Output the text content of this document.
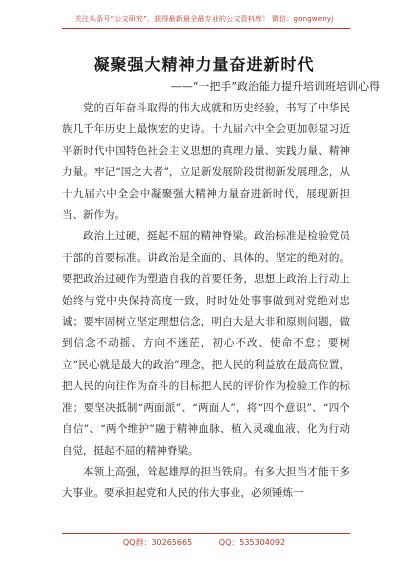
关注头条号“公文研究”，获得最新最全最专业的公文资料库！ 微信：gongwenyj
凝聚强大精神力量奋进新时代
——“一把手”政治能力提升培训班培训心得

党的百年奋斗取得的伟大成就和历史经验，书写了中华民族几千年历史上最恢宏的史诗。十九届六中全会更加彰显习近平新时代中国特色社会主义思想的真理力量、实践力量、精神力量。牢记“国之大者”，立足新发展阶段贯彻新发展理念，从十九届六中全会中凝聚强大精神力量奋进新时代，展现新担当、新作为。

政治上过硬，挺起不屈的精神脊梁。政治标准是检验党员干部的首要标准。讲政治是全面的、具体的、坚定的绝对的。要把政治过硬作为塑造自我的首要任务，思想上政治上行动上始终与党中央保持高度一致，时时处处事事做到对党绝对忠诚；要牢固树立坚定理想信念，明白大是大非和原则问题，做到信念不动摇、方向不迷茫，初心不改、使命不怠；要树立“民心就是最大的政治”理念，把人民的利益放在最高位置，把人民的向往作为奋斗的目标把人民的评价作为检验工作的标准；要坚决抵制“两面派”、“两面人”，将“四个意识”、“四个自信”、“两个维护”融于精神血脉、植入灵魂血液、化为行动自觉，挺起不屈的精神脊梁。

本领上高强，耸起雄厚的担当铁肩。有多大担当才能干多大事业。要承担起党和人民的伟大事业，必须锤炼一

QQ群：30265665	QQ：535304092
